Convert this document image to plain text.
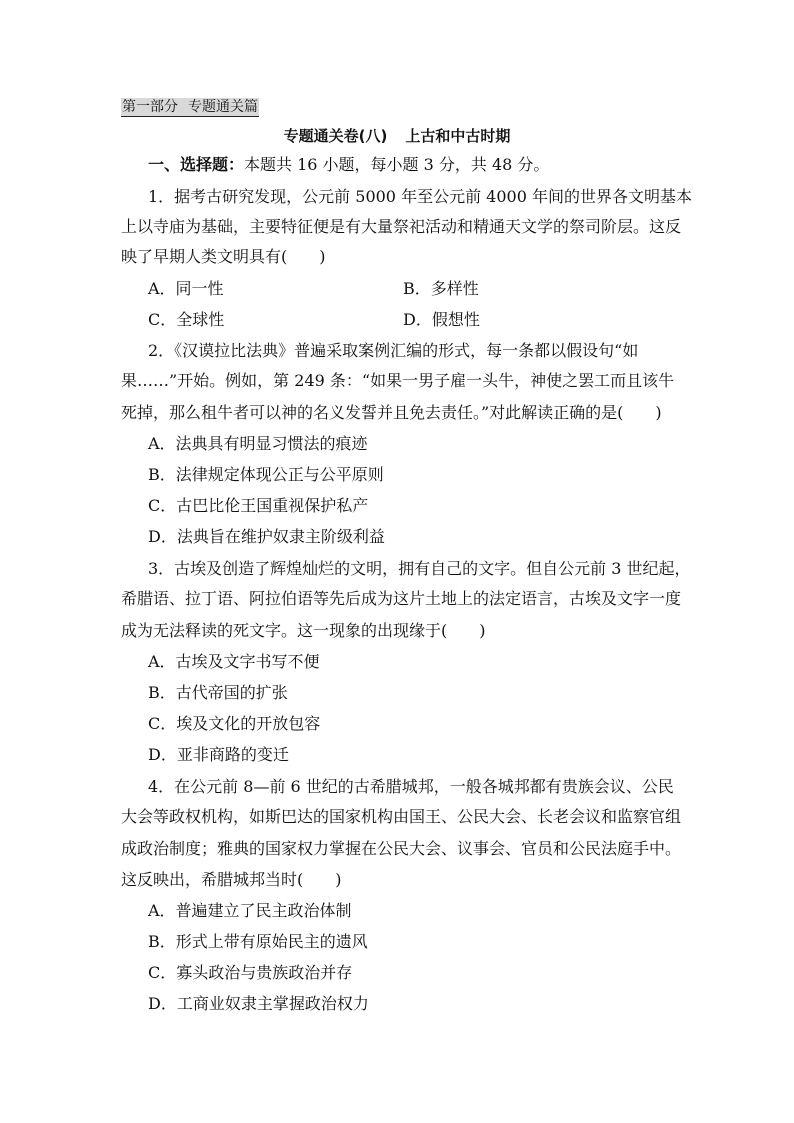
第一部分 专题通关篇
专题通关卷(八) 上古和中古时期
一、选择题：本题共 16 小题，每小题 3 分，共 48 分。
1．据考古研究发现，公元前 5000 年至公元前 4000 年间的世界各文明基本
上以寺庙为基础，主要特征便是有大量祭祀活动和精通天文学的祭司阶层。这反
映了早期人类文明具有(　　)
A．同一性	B．多样性
C．全球性	D．假想性
2．《汉谟拉比法典》普遍采取案例汇编的形式，每一条都以假设句“如
果……”开始。例如，第 249 条：“如果一男子雇一头牛，神使之罢工而且该牛
死掉，那么租牛者可以神的名义发誓并且免去责任。”对此解读正确的是(　　)
A．法典具有明显习惯法的痕迹
B．法律规定体现公正与公平原则
C．古巴比伦王国重视保护私产
D．法典旨在维护奴隶主阶级利益
3．古埃及创造了辉煌灿烂的文明，拥有自己的文字。但自公元前 3 世纪起，
希腊语、拉丁语、阿拉伯语等先后成为这片土地上的法定语言，古埃及文字一度
成为无法释读的死文字。这一现象的出现缘于(　　)
A．古埃及文字书写不便
B．古代帝国的扩张
C．埃及文化的开放包容
D．亚非商路的变迁
4．在公元前 8—前 6 世纪的古希腊城邦，一般各城邦都有贵族会议、公民
大会等政权机构，如斯巴达的国家机构由国王、公民大会、长老会议和监察官组
成政治制度；雅典的国家权力掌握在公民大会、议事会、官员和公民法庭手中。
这反映出，希腊城邦当时(　　)
A．普遍建立了民主政治体制
B．形式上带有原始民主的遗风
C．寡头政治与贵族政治并存
D．工商业奴隶主掌握政治权力
